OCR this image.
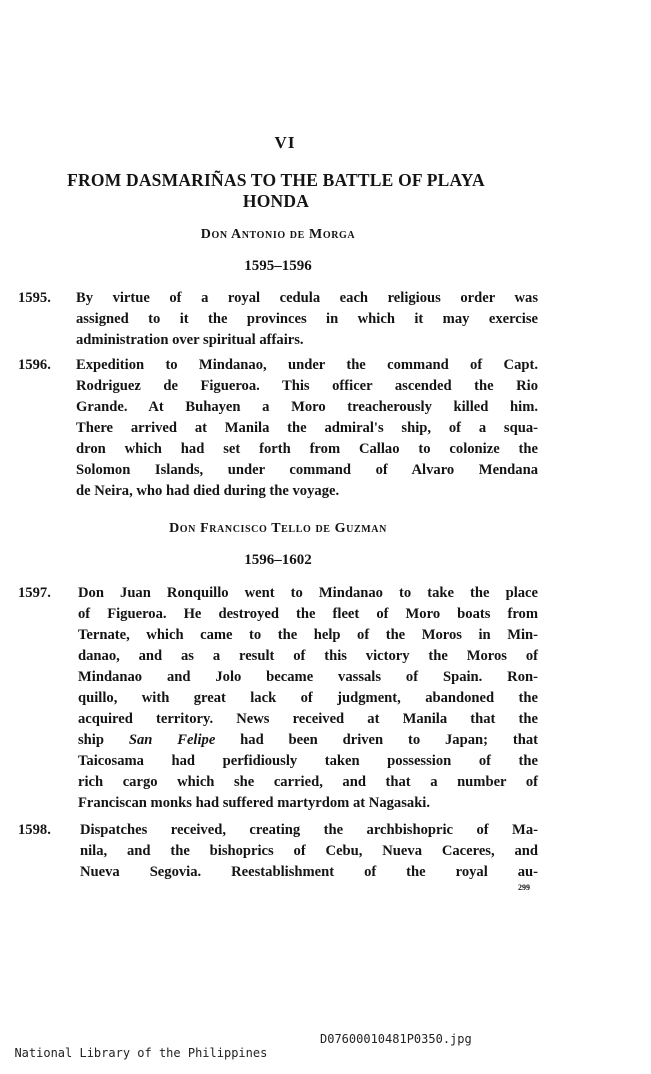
VI
FROM DASMARIÑAS TO THE BATTLE OF PLAYA
HONDA
Don Antonio de Morga
1595–1596
1595. By virtue of a royal cedula each religious order was
assigned to it the provinces in which it may exercise
administration over spiritual affairs.
1596. Expedition to Mindanao, under the command of Capt.
Rodriguez de Figueroa. This officer ascended the Rio
Grande. At Buhayen a Moro treacherously killed him.
There arrived at Manila the admiral's ship, of a squa-
dron which had set forth from Callao to colonize the
Solomon Islands, under command of Alvaro Mendana
de Neira, who had died during the voyage.
Don Francisco Tello de Guzman
1596–1602
1597. Don Juan Ronquillo went to Mindanao to take the place
of Figueroa. He destroyed the fleet of Moro boats from
Ternate, which came to the help of the Moros in Min-
danao, and as a result of this victory the Moros of
Mindanao and Jolo became vassals of Spain. Ron-
quillo, with great lack of judgment, abandoned the
acquired territory. News received at Manila that the
ship San Felipe had been driven to Japan; that
Taicosama had perfidiously taken possession of the
rich cargo which she carried, and that a number of
Franciscan monks had suffered martyrdom at Nagasaki.
1598. Dispatches received, creating the archbishopric of Ma-
nila, and the bishoprics of Cebu, Nueva Caceres, and
Nueva Segovia. Reestablishment of the royal au-
299

National Library of the Philippines

D07600010481P0350.jpg
